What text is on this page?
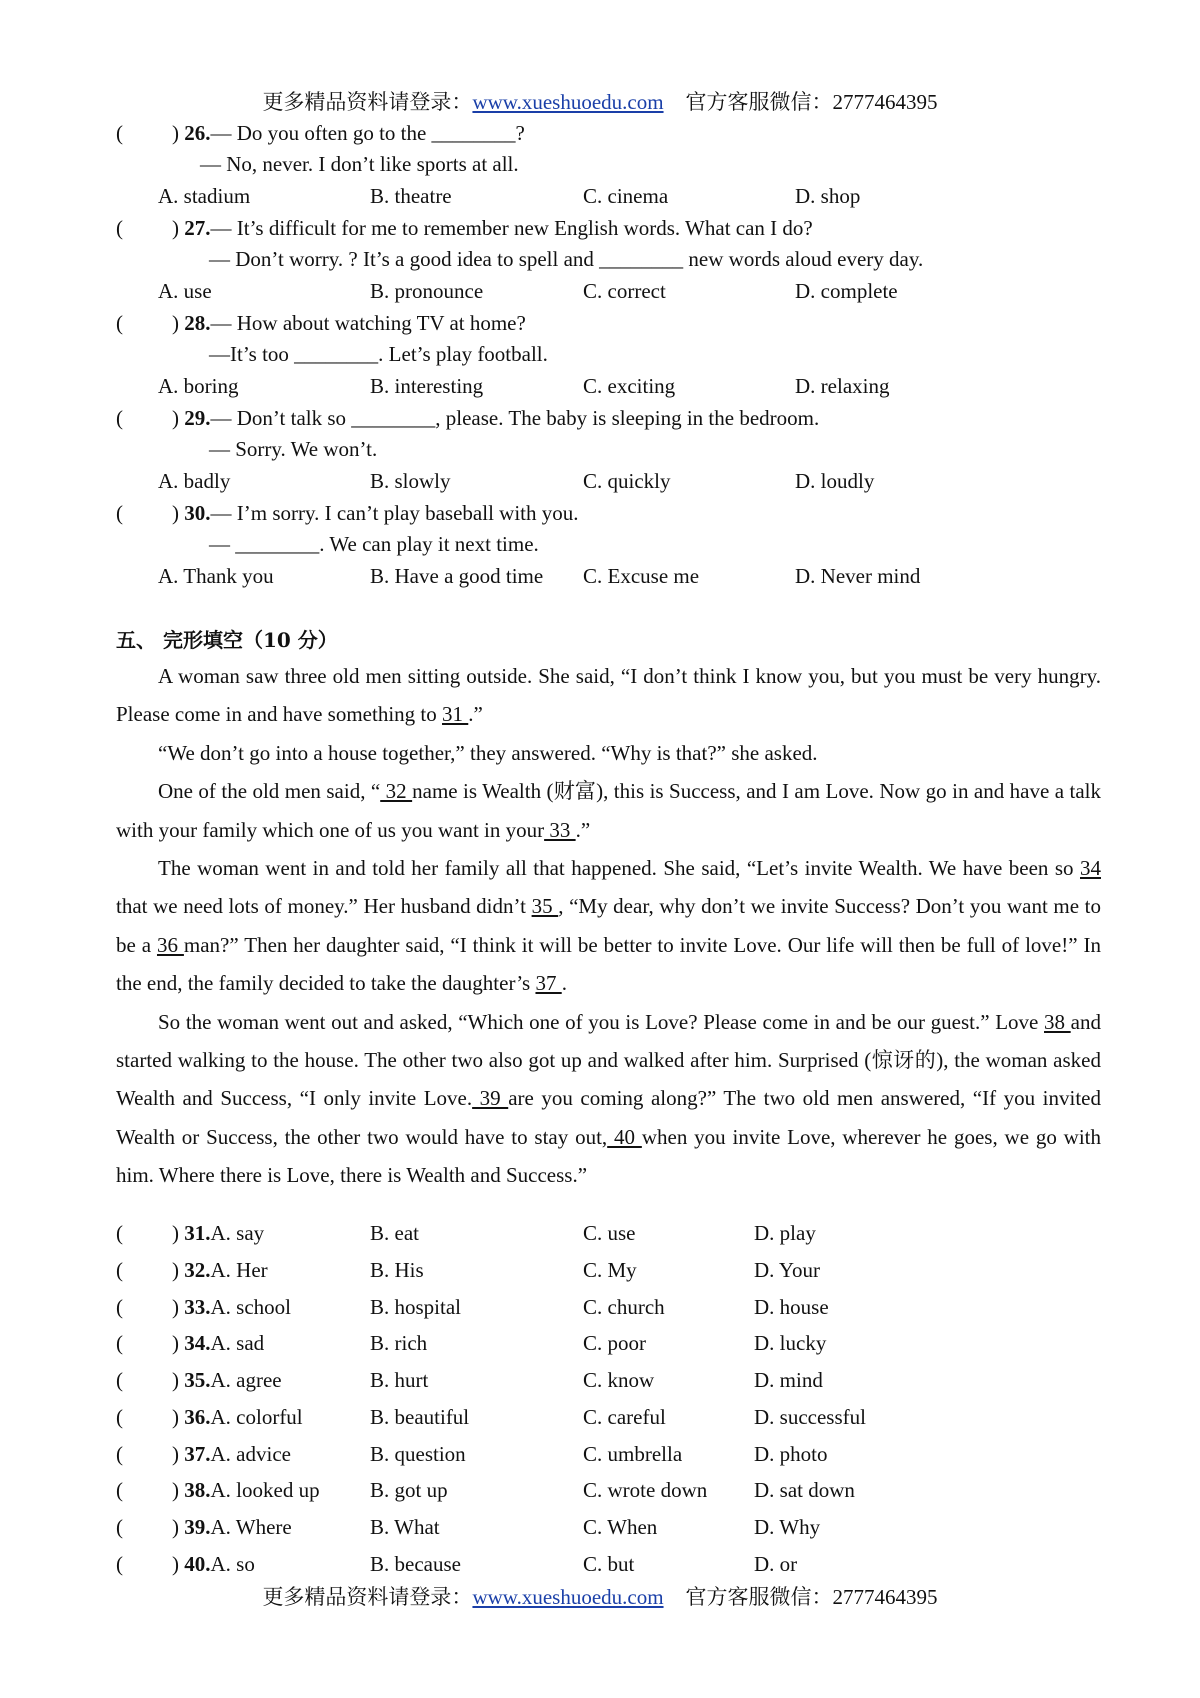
更多精品资料请登录：www.xueshuoedu.com 官方客服微信：2777464395
( ) 26.— Do you often go to the ________?
— No, never. I don’t like sports at all.
A. stadium	B. theatre	C. cinema	D. shop
( ) 27.— It’s difficult for me to remember new English words. What can I do?
— Don’t worry. ? It’s a good idea to spell and ________ new words aloud every day.
A. use	B. pronounce	C. correct	D. complete
( ) 28.— How about watching TV at home?
—It’s too ________. Let’s play football.
A. boring	B. interesting	C. exciting	D. relaxing
( ) 29.— Don’t talk so ________, please. The baby is sleeping in the bedroom.
— Sorry. We won’t.
A. badly	B. slowly	C. quickly	D. loudly
( ) 30.— I’m sorry. I can’t play baseball with you.
— ________. We can play it next time.
A. Thank you	B. Have a good time C. Excuse me	D. Never mind
五、 完形填空（10 分）

A woman saw three old men sitting outside. She said, “I don’t think I know you, but you must be very hungry. Please come in and have something to 31 .”

“We don’t go into a house together,” they answered. “Why is that?” she asked.

One of the old men said, “ 32 name is Wealth (财富), this is Success, and I am Love. Now go in and have a talk with your family which one of us you want in your 33 .”

The woman went in and told her family all that happened. She said, “Let’s invite Wealth. We have been so 34 that we need lots of money.” Her husband didn’t 35 , “My dear, why don’t we invite Success? Don’t you want me to be a 36 man?” Then her daughter said, “I think it will be better to invite Love. Our life will then be full of love!” In the end, the family decided to take the daughter’s 37 .

So the woman went out and asked, “Which one of you is Love? Please come in and be our guest.” Love 38 and started walking to the house. The other two also got up and walked after him. Surprised (惊讶的), the woman asked Wealth and Success, “I only invite Love. 39 are you coming along?” The two old men answered, “If you invited Wealth or Success, the other two would have to stay out, 40 when you invite Love, wherever he goes, we go with him. Where there is Love, there is Wealth and Success.”

( ) 31.A. say	B. eat	C. use	D. play
( ) 32.A. Her	B. His	C. My	D. Your
( ) 33.A. school	B. hospital	C. church	D. house
( ) 34.A. sad	B. rich	C. poor	D. lucky
( ) 35.A. agree	B. hurt	C. know	D. mind
( ) 36.A. colorful	B. beautiful	C. careful	D. successful
( ) 37.A. advice	B. question	C. umbrella	D. photo
( ) 38.A. looked up B. got up	C. wrote down D. sat down
( ) 39.A. Where	B. What	C. When	D. Why
( ) 40.A. so	B. because	C. but	D. or
更多精品资料请登录：www.xueshuoedu.com 官方客服微信：2777464395
